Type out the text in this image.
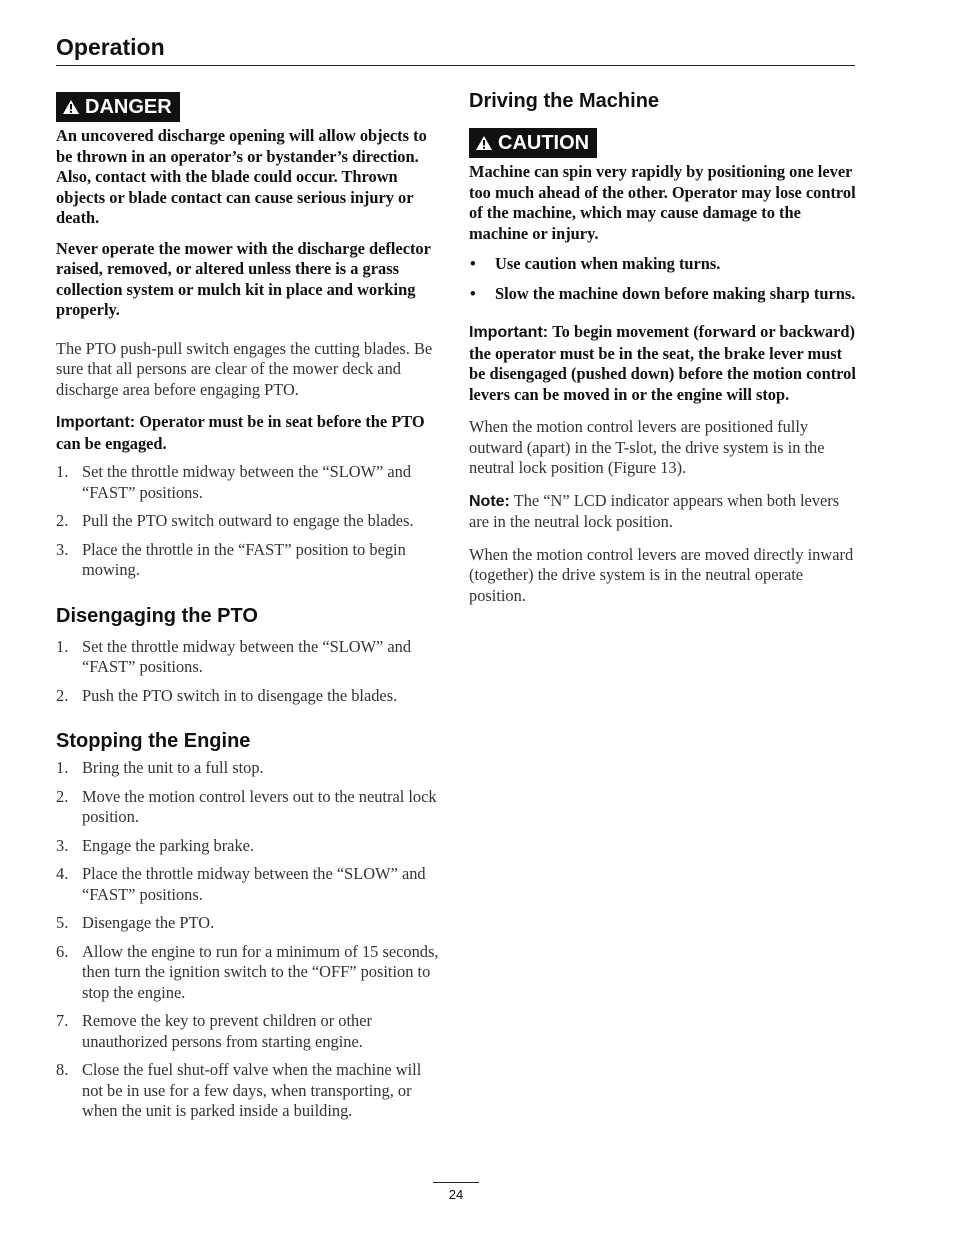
Operation
DANGER

An uncovered discharge opening will allow objects to be thrown in an operator’s or bystander’s direction. Also, contact with the blade could occur. Thrown objects or blade contact can cause serious injury or death.

Never operate the mower with the discharge deflector raised, removed, or altered unless there is a grass collection system or mulch kit in place and working properly.

The PTO push-pull switch engages the cutting blades. Be sure that all persons are clear of the mower deck and discharge area before engaging PTO.

Important: Operator must be in seat before the PTO can be engaged.

1. Set the throttle midway between the “SLOW” and “FAST” positions.
2. Pull the PTO switch outward to engage the blades.
3. Place the throttle in the “FAST” position to begin mowing.
Disengaging the PTO
1. Set the throttle midway between the “SLOW” and “FAST” positions.
2. Push the PTO switch in to disengage the blades.
Stopping the Engine
1. Bring the unit to a full stop.
2. Move the motion control levers out to the neutral lock position.
3. Engage the parking brake.
4. Place the throttle midway between the “SLOW” and “FAST” positions.
5. Disengage the PTO.
6. Allow the engine to run for a minimum of 15 seconds, then turn the ignition switch to the “OFF” position to stop the engine.
7. Remove the key to prevent children or other unauthorized persons from starting engine.
8. Close the fuel shut-off valve when the machine will not be in use for a few days, when transporting, or when the unit is parked inside a building.
Driving the Machine
CAUTION

Machine can spin very rapidly by positioning one lever too much ahead of the other. Operator may lose control of the machine, which may cause damage to the machine or injury.

• Use caution when making turns.
• Slow the machine down before making sharp turns.

Important: To begin movement (forward or backward) the operator must be in the seat, the brake lever must be disengaged (pushed down) before the motion control levers can be moved in or the engine will stop.

When the motion control levers are positioned fully outward (apart) in the T-slot, the drive system is in the neutral lock position (Figure 13).

Note: The “N” LCD indicator appears when both levers are in the neutral lock position.

When the motion control levers are moved directly inward (together) the drive system is in the neutral operate position.

24
